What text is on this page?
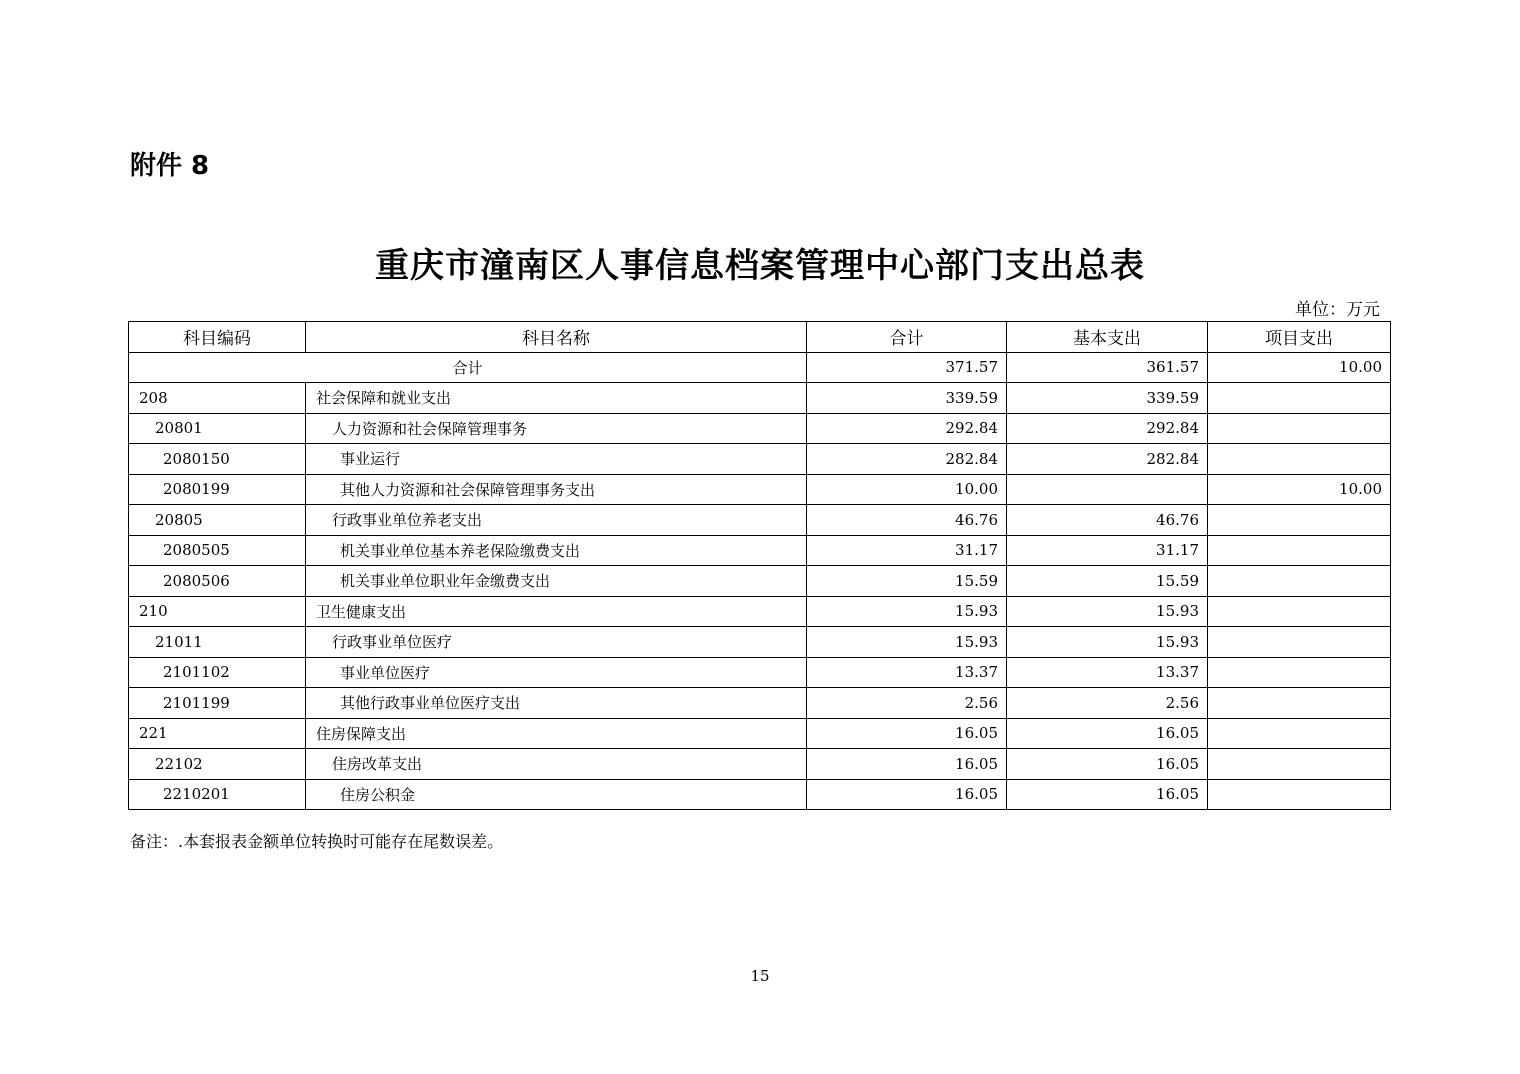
附件 8
重庆市潼南区人事信息档案管理中心部门支出总表
单位：万元
科目编码	科目名称	合计	基本支出	项目支出
合计		371.57	361.57	10.00
208	社会保障和就业支出	339.59	339.59	
20801	人力资源和社会保障管理事务	292.84	292.84	
2080150	事业运行	282.84	282.84	
2080199	其他人力资源和社会保障管理事务支出	10.00		10.00
20805	行政事业单位养老支出	46.76	46.76	
2080505	机关事业单位基本养老保险缴费支出	31.17	31.17	
2080506	机关事业单位职业年金缴费支出	15.59	15.59	
210	卫生健康支出	15.93	15.93	
21011	行政事业单位医疗	15.93	15.93	
2101102	事业单位医疗	13.37	13.37	
2101199	其他行政事业单位医疗支出	2.56	2.56	
221	住房保障支出	16.05	16.05	
22102	住房改革支出	16.05	16.05	
2210201	住房公积金	16.05	16.05	
备注：.本套报表金额单位转换时可能存在尾数误差。
15
